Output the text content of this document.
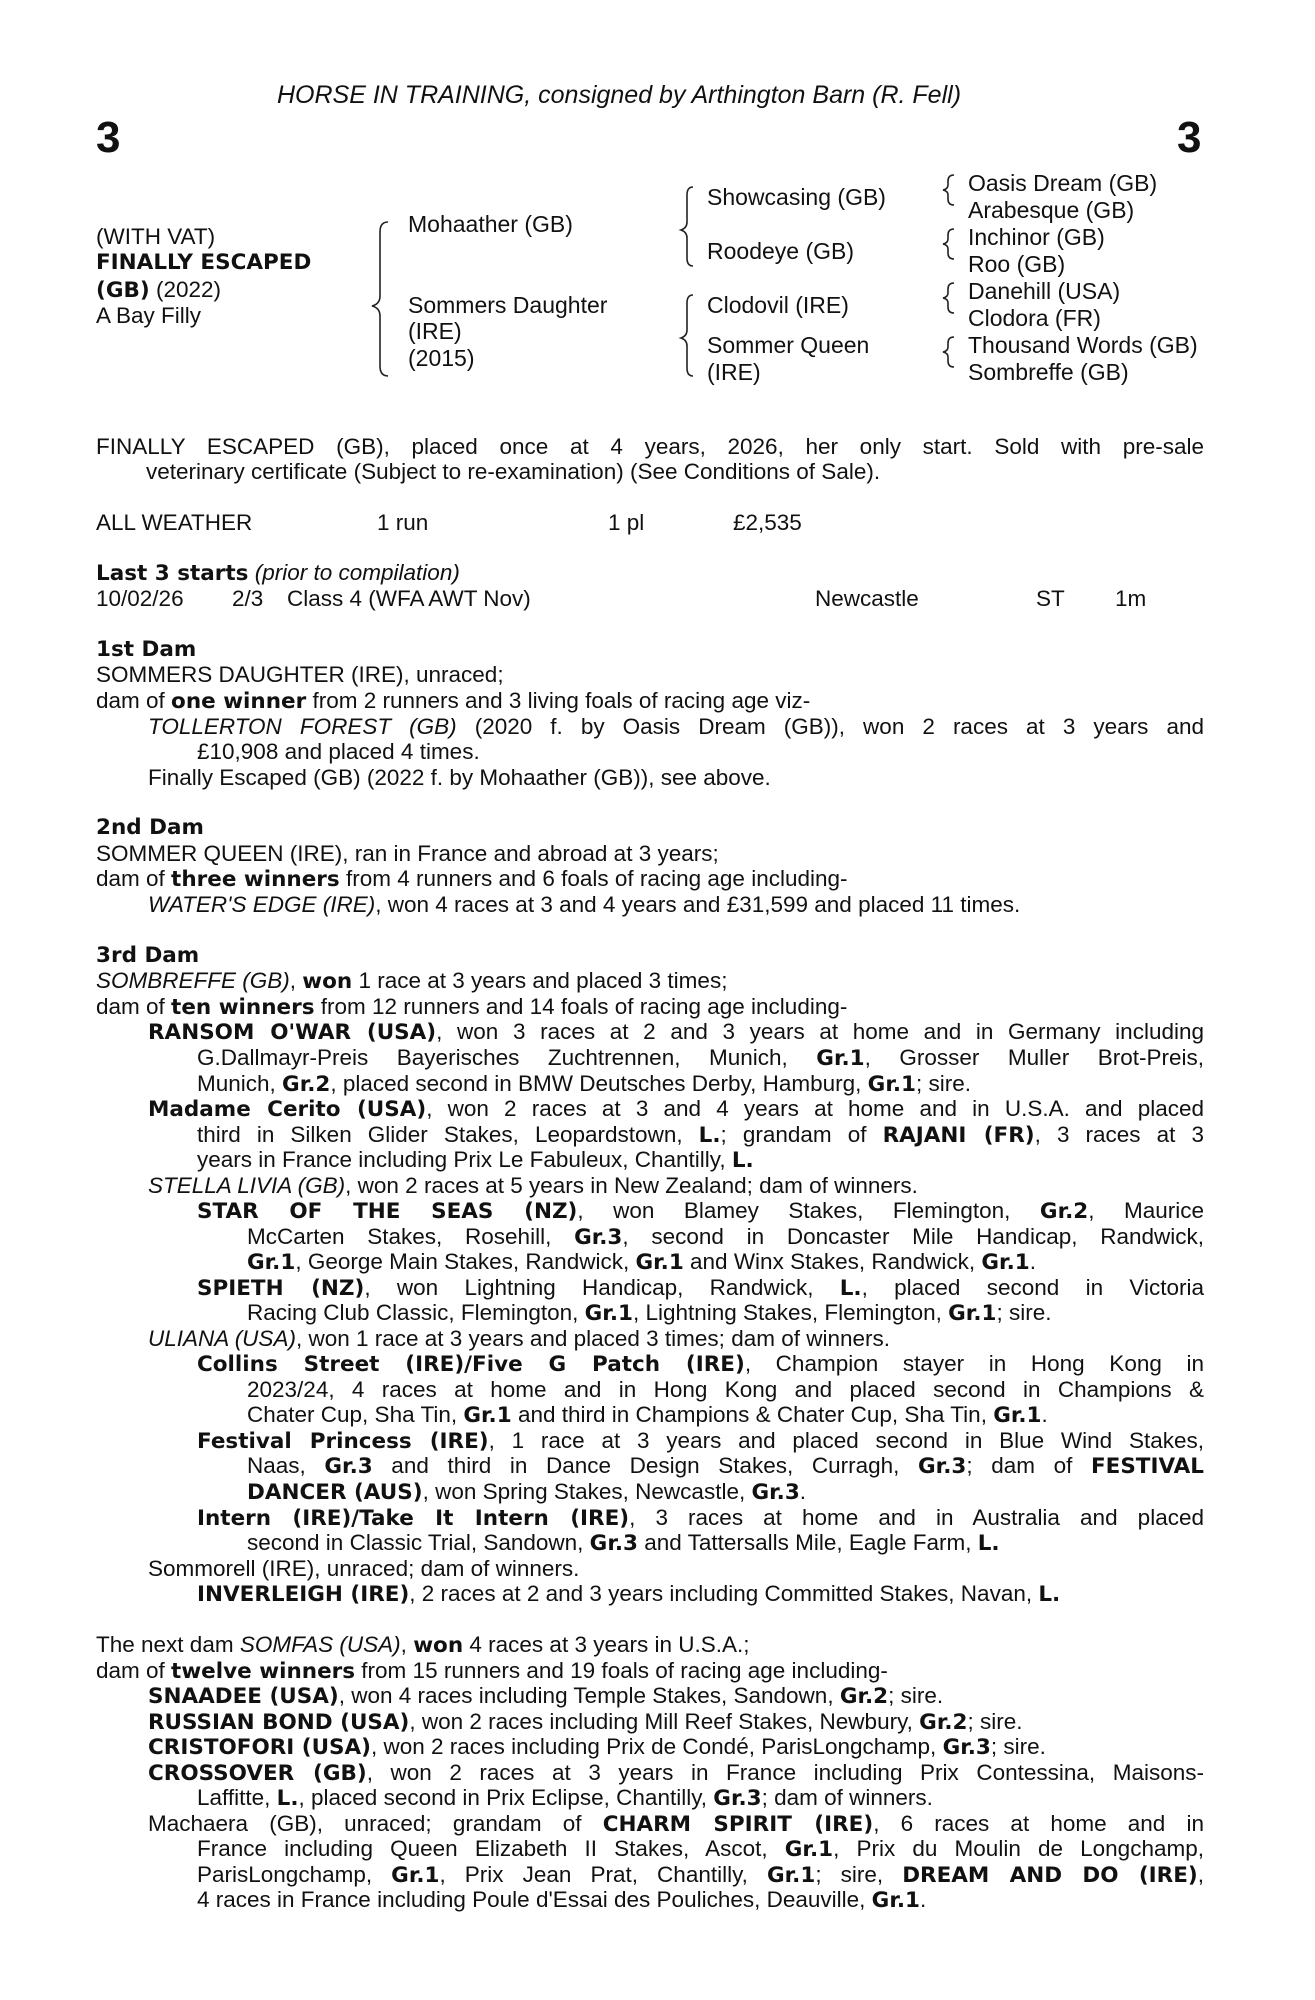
HORSE IN TRAINING, consigned by Arthington Barn (R. Fell)
3	3
(WITH VAT)
FINALLY ESCAPED
(GB) (2022)
A Bay Filly
Mohaather (GB)
Sommers Daughter
(IRE)
(2015)
Showcasing (GB)
Roodeye (GB)
Clodovil (IRE)
Sommer Queen
(IRE)
Oasis Dream (GB)
Arabesque (GB)
Inchinor (GB)
Roo (GB)
Danehill (USA)
Clodora (FR)
Thousand Words (GB)
Sombreffe (GB)
FINALLY ESCAPED (GB), placed once at 4 years, 2026, her only start. Sold with pre-sale
veterinary certificate (Subject to re-examination) (See Conditions of Sale).
ALL WEATHER	1 run	1 pl	£2,535
Last 3 starts (prior to compilation)
10/02/26 2/3 Class 4 (WFA AWT Nov)	Newcastle	ST 1m
1st Dam
SOMMERS DAUGHTER (IRE), unraced;
dam of one winner from 2 runners and 3 living foals of racing age viz-
TOLLERTON FOREST (GB) (2020 f. by Oasis Dream (GB)), won 2 races at 3 years and
£10,908 and placed 4 times.
Finally Escaped (GB) (2022 f. by Mohaather (GB)), see above.
2nd Dam
SOMMER QUEEN (IRE), ran in France and abroad at 3 years;
dam of three winners from 4 runners and 6 foals of racing age including-
WATER'S EDGE (IRE), won 4 races at 3 and 4 years and £31,599 and placed 11 times.
3rd Dam
SOMBREFFE (GB), won 1 race at 3 years and placed 3 times;
dam of ten winners from 12 runners and 14 foals of racing age including-
RANSOM O'WAR (USA), won 3 races at 2 and 3 years at home and in Germany including
G.Dallmayr-Preis Bayerisches Zuchtrennen, Munich, Gr.1, Grosser Muller Brot-Preis,
Munich, Gr.2, placed second in BMW Deutsches Derby, Hamburg, Gr.1; sire.
Madame Cerito (USA), won 2 races at 3 and 4 years at home and in U.S.A. and placed
third in Silken Glider Stakes, Leopardstown, L.; grandam of RAJANI (FR), 3 races at 3
years in France including Prix Le Fabuleux, Chantilly, L.
STELLA LIVIA (GB), won 2 races at 5 years in New Zealand; dam of winners.
STAR OF THE SEAS (NZ), won Blamey Stakes, Flemington, Gr.2, Maurice
McCarten Stakes, Rosehill, Gr.3, second in Doncaster Mile Handicap, Randwick,
Gr.1, George Main Stakes, Randwick, Gr.1 and Winx Stakes, Randwick, Gr.1.
SPIETH (NZ), won Lightning Handicap, Randwick, L., placed second in Victoria
Racing Club Classic, Flemington, Gr.1, Lightning Stakes, Flemington, Gr.1; sire.
ULIANA (USA), won 1 race at 3 years and placed 3 times; dam of winners.
Collins Street (IRE)/Five G Patch (IRE), Champion stayer in Hong Kong in
2023/24, 4 races at home and in Hong Kong and placed second in Champions &
Chater Cup, Sha Tin, Gr.1 and third in Champions & Chater Cup, Sha Tin, Gr.1.
Festival Princess (IRE), 1 race at 3 years and placed second in Blue Wind Stakes,
Naas, Gr.3 and third in Dance Design Stakes, Curragh, Gr.3; dam of FESTIVAL
DANCER (AUS), won Spring Stakes, Newcastle, Gr.3.
Intern (IRE)/Take It Intern (IRE), 3 races at home and in Australia and placed
second in Classic Trial, Sandown, Gr.3 and Tattersalls Mile, Eagle Farm, L.
Sommorell (IRE), unraced; dam of winners.
INVERLEIGH (IRE), 2 races at 2 and 3 years including Committed Stakes, Navan, L.
The next dam SOMFAS (USA), won 4 races at 3 years in U.S.A.;
dam of twelve winners from 15 runners and 19 foals of racing age including-
SNAADEE (USA), won 4 races including Temple Stakes, Sandown, Gr.2; sire.
RUSSIAN BOND (USA), won 2 races including Mill Reef Stakes, Newbury, Gr.2; sire.
CRISTOFORI (USA), won 2 races including Prix de Condé, ParisLongchamp, Gr.3; sire.
CROSSOVER (GB), won 2 races at 3 years in France including Prix Contessina, Maisons-
Laffitte, L., placed second in Prix Eclipse, Chantilly, Gr.3; dam of winners.
Machaera (GB), unraced; grandam of CHARM SPIRIT (IRE), 6 races at home and in
France including Queen Elizabeth II Stakes, Ascot, Gr.1, Prix du Moulin de Longchamp,
ParisLongchamp, Gr.1, Prix Jean Prat, Chantilly, Gr.1; sire, DREAM AND DO (IRE),
4 races in France including Poule d'Essai des Pouliches, Deauville, Gr.1.
